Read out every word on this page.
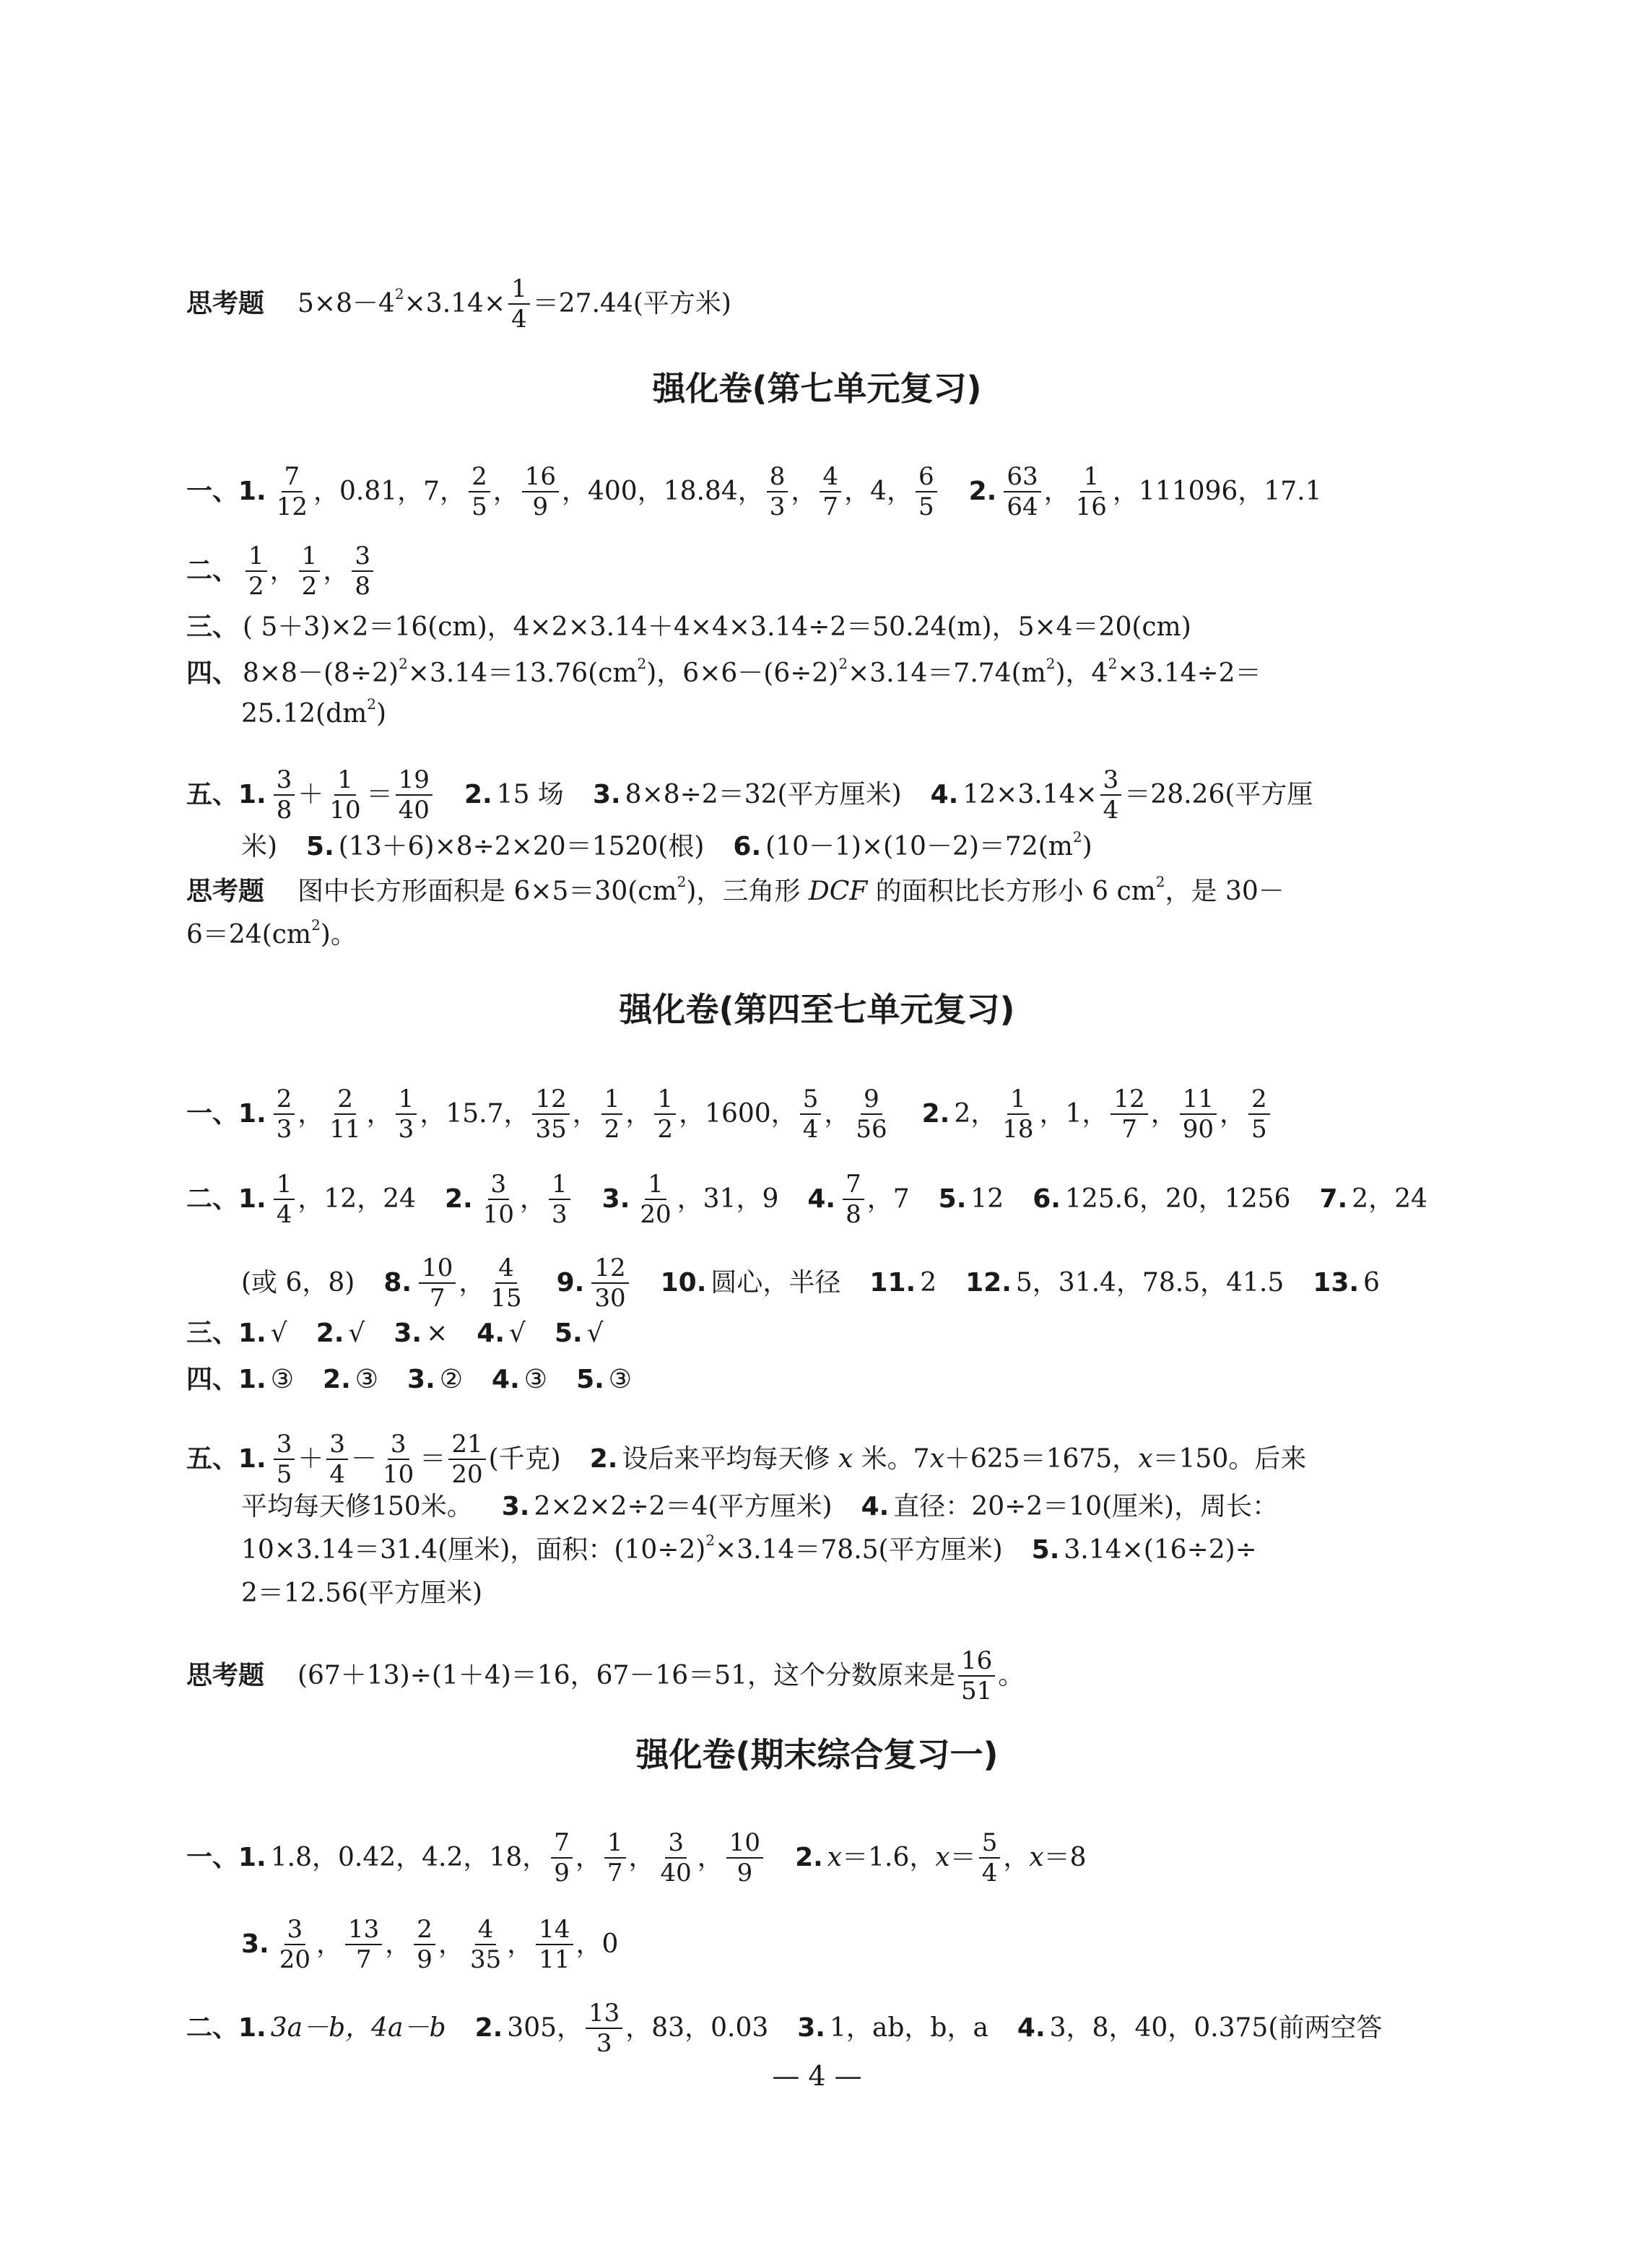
思考题 5×8－4 $2 \times 3.14\times \frac{1}{4} =27.44$(平方米)
强化卷(第七单元复习)
一、1. $\frac{7}{12}$ ，0.81，7， $\frac{2}{5}$ ， $\frac{16}{9}$ ，400，18.84， $\frac{8}{3}$ ， $\frac{4}{7}$ ，4， $\frac{6}{5} 2$. $\frac{63}{64}$ ， $\frac{1}{16}$ ，111096，17.1
二、 $\frac{1}{2}$ ， $\frac{1}{2}$ ， $\frac{3}{8}$
三、 ( 5＋3)×2＝16(cm)，4×2×3.14＋4×4×3.14÷2＝50.24(m)，5×4＝20(cm)
四、 8×8－(8÷2) 2 ×3.14＝13.76(cm 2 )，6×6－(6÷2) 2 ×3.14＝7.74(m 2 )，4 2 ×3.14÷2＝
25.12(dm 2 )
五、1. $\frac{3}{8} + \frac{1}{10} = \frac{19}{40} 2$. 15 场 3. 8×8÷2＝32(平方厘米) 4. $12\times 3.14\times \frac{3}{4} =28.26$(平方厘
米) 5. (13＋6)×8÷2×20＝1520(根) 6. (10－1)×(10－2)＝72(m 2 )
思考题 图中长方形面积是 6×5＝30(cm 2 )，三角形
DCF
的面积比长方形小 6 cm 2 ，是 30－
6＝24(cm 2 )。
强化卷(第四至七单元复习)
一、1. $\frac{2}{3}$ ， $\frac{2}{11}$ ， $\frac{1}{3}$ ，15.7， $\frac{12}{35}$ ， $\frac{1}{2}$ ， $\frac{1}{2}$ ，1600， $\frac{5}{4}$ ， $\frac{9}{56} 2$. 2， $\frac{1}{18}$ ，1， $\frac{12}{7}$ ， $\frac{11}{90}$ ， $\frac{2}{5}$
二、1. $\frac{1}{4}$ ，12，24 2. $\frac{3}{10}$ ， $\frac{1}{3} 3$. $\frac{1}{20}$ ，31，9 4. $\frac{7}{8}$ ，7 5. 12 6. 125.6，20，1256 7. 2，24
(或 6，8) 8. $\frac{10}{7}$ ， $\frac{4}{15} 9$. $\frac{12}{30} 10$. 圆心，半径 11. 2 12. 5，31.4，78.5，41.5 13. 6
三、1. √ 2. √ 3. × 4. √ 5. √
四、1. ③ 2. ③ 3. ② 4. ③ 5. ③
五、1. $\frac{3}{5} + \frac{3}{4} - \frac{3}{10} = \frac{21}{20}$ (千克) 2. 设后来平均每天修
x
米。7 x ＋625＝1675， x ＝150。后来
平均每天修150米。 3. 2×2×2÷2＝4(平方厘米) 4. 直径：20÷2＝10(厘米)，周长：
10×3.14＝31.4(厘米)，面积：(10÷2) 2 ×3.14＝78.5(平方厘米) 5. 3.14×(16÷2)÷
2＝12.56(平方厘米)
思考题 (67＋13)÷(1＋4)＝16，67－16＝51，这个分数原来是 $\frac{16}{51}$ 。
强化卷(期末综合复习一)
一、1. 1.8，0.42，4.2，18， $\frac{7}{9}$ ， $\frac{1}{7}$ ， $\frac{3}{40}$ ， $\frac{10}{9} 2$. x ＝1.6， $x = \frac{5}{4}$ ， x ＝8
3. $\frac{3}{20}$ ， $\frac{13}{7}$ ， $\frac{2}{9}$ ， $\frac{4}{35}$ ， $\frac{14}{11}$ ，0
二、1. 3a－b，4a－b 2. 305， $\frac{13}{3}$ ，83，0.03 3. 1，ab，b，a 4. 3，8，40，0.375(前两空答
— 4 —
